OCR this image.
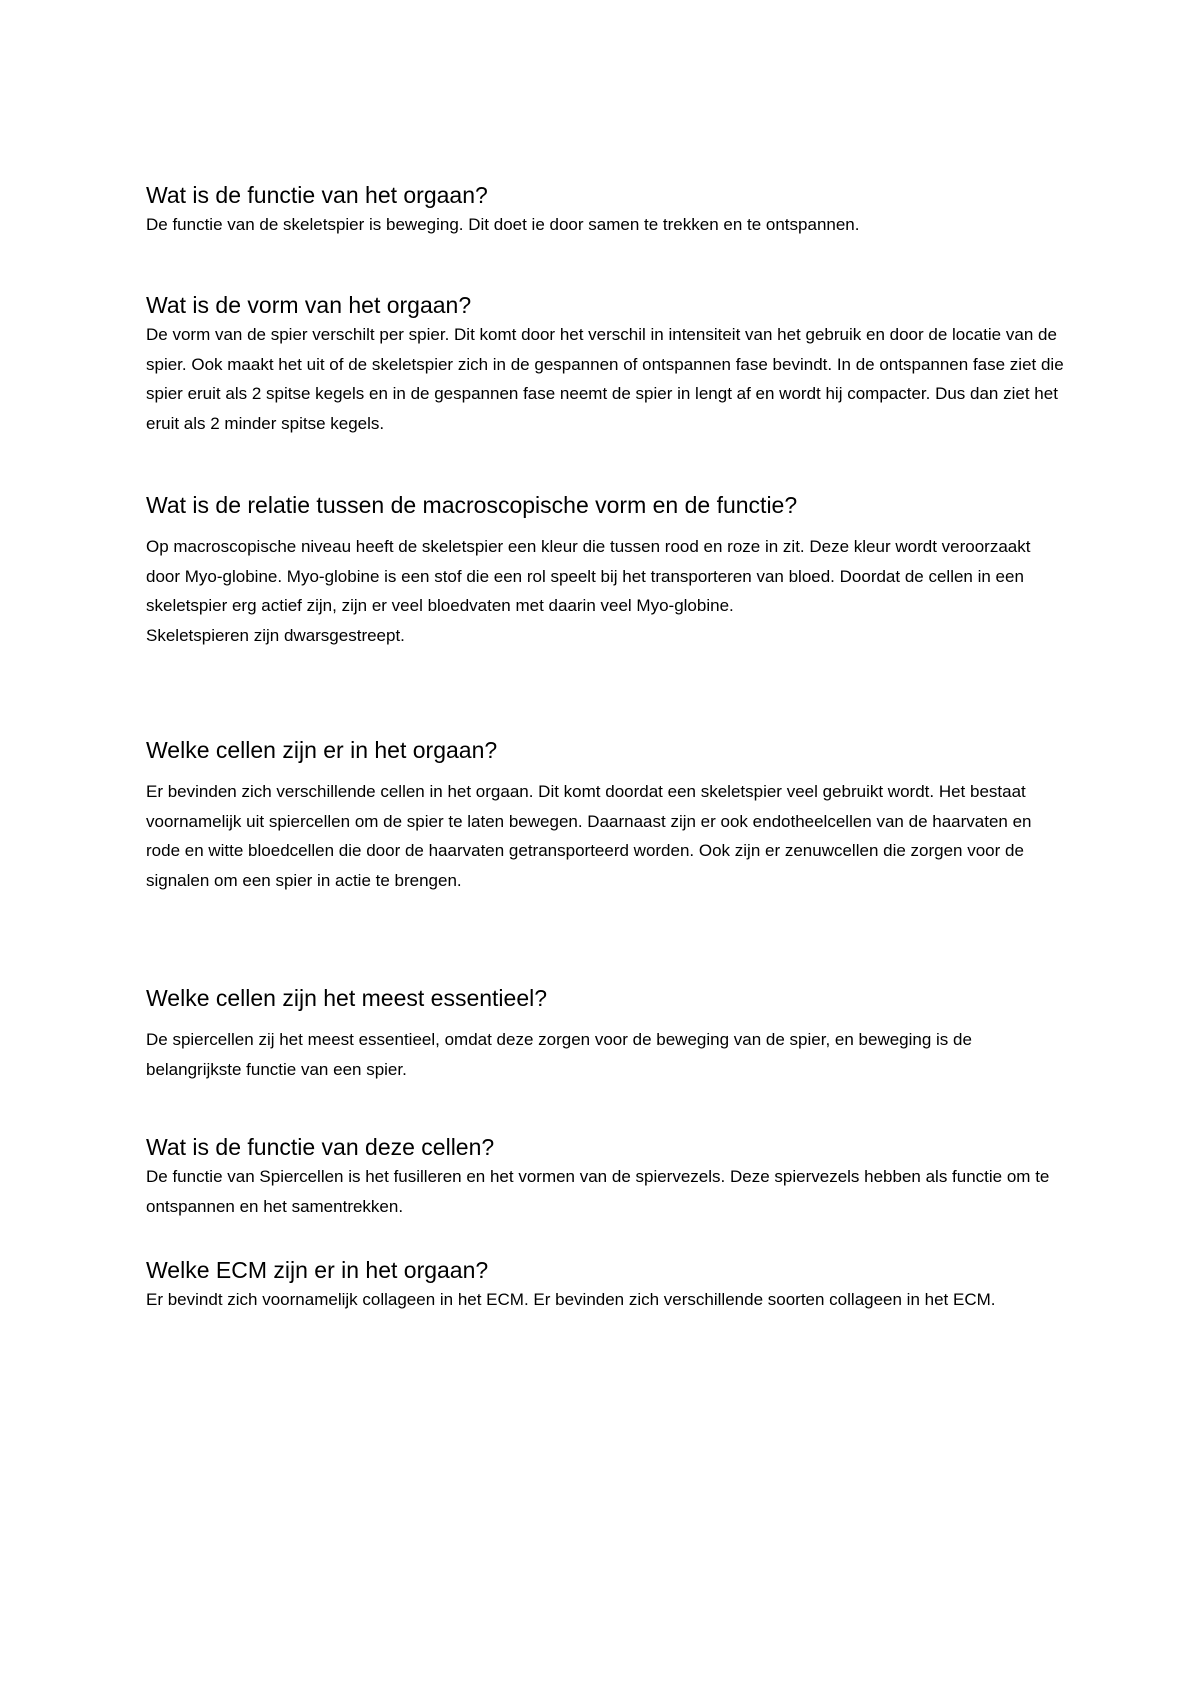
Wat is de functie van het orgaan?

De functie van de skeletspier is beweging. Dit doet ie door samen te trekken en te ontspannen.

Wat is de vorm van het orgaan?

De vorm van de spier verschilt per spier. Dit komt door het verschil in intensiteit van het gebruik en door de locatie van de spier. Ook maakt het uit of de skeletspier zich in de gespannen of ontspannen fase bevindt. In de ontspannen fase ziet die spier eruit als 2 spitse kegels en in de gespannen fase neemt de spier in lengt af en wordt hij compacter. Dus dan ziet het eruit als 2 minder spitse kegels.

Wat is de relatie tussen de macroscopische vorm en de functie?

Op macroscopische niveau heeft de skeletspier een kleur die tussen rood en roze in zit. Deze kleur wordt veroorzaakt door Myo-globine. Myo-globine is een stof die een rol speelt bij het transporteren van bloed. Doordat de cellen in een skeletspier erg actief zijn, zijn er veel bloedvaten met daarin veel Myo-globine.

Skeletspieren zijn dwarsgestreept.

Welke cellen zijn er in het orgaan?

Er bevinden zich verschillende cellen in het orgaan. Dit komt doordat een skeletspier veel gebruikt wordt. Het bestaat voornamelijk uit spiercellen om de spier te laten bewegen. Daarnaast zijn er ook endotheelcellen van de haarvaten en rode en witte bloedcellen die door de haarvaten getransporteerd worden. Ook zijn er zenuwcellen die zorgen voor de signalen om een spier in actie te brengen.

Welke cellen zijn het meest essentieel?

De spiercellen zij het meest essentieel, omdat deze zorgen voor de beweging van de spier, en beweging is de belangrijkste functie van een spier.

Wat is de functie van deze cellen?

De functie van Spiercellen is het fusilleren en het vormen van de spiervezels. Deze spiervezels hebben als functie om te ontspannen en het samentrekken.

Welke ECM zijn er in het orgaan?

Er bevindt zich voornamelijk collageen in het ECM. Er bevinden zich verschillende soorten collageen in het ECM.
